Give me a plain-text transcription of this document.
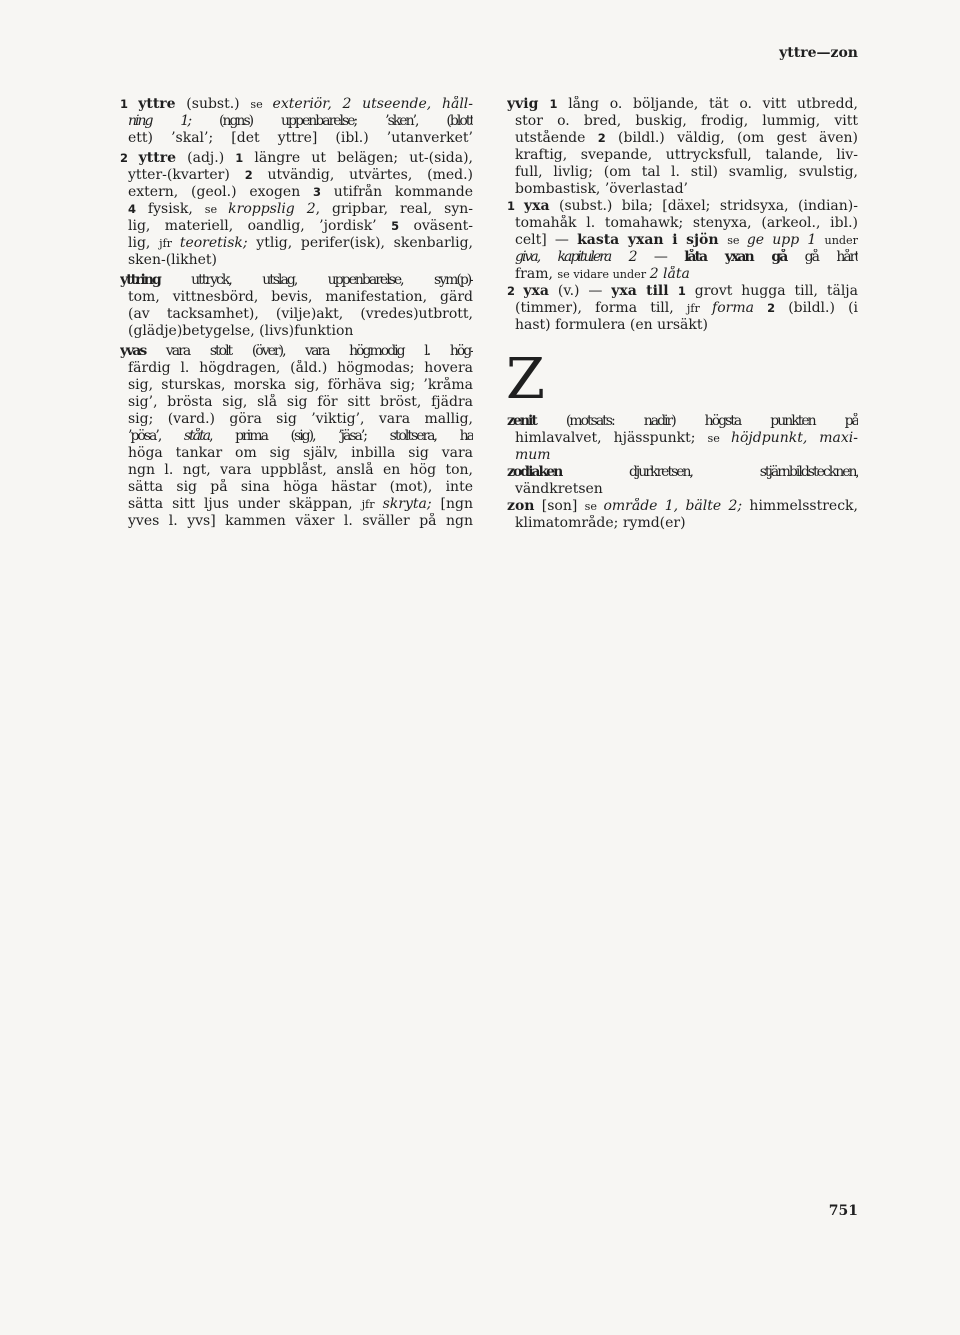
yttre—zon
1 yttre (subst.) se exteriör, 2 utseende, håll-
ning 1; (ngns) uppenbarelse; ’sken’, (blott
ett) ’skal’; [det yttre] (ibl.) ’utanverket’
2 yttre (adj.) 1 längre ut belägen; ut-(sida),
ytter-(kvarter) 2 utvändig, utvärtes, (med.)
extern, (geol.) exogen 3 utifrån kommande
4 fysisk, se kroppslig 2, gripbar, real, syn-
lig, materiell, oandlig, ’jordisk’ 5 oväsent-
lig, jfr teoretisk; ytlig, perifer(isk), skenbarlig,
sken-(likhet)
yttring uttryck, utslag, uppenbarelse, sym(p)-
tom, vittnesbörd, bevis, manifestation, gärd
(av tacksamhet), (vilje)akt, (vredes)utbrott,
(glädje)betygelse, (livs)funktion
yvas vara stolt (över), vara högmodig l. hög-
färdig l. högdragen, (åld.) högmodas; hovera
sig, sturskas, morska sig, förhäva sig; ’kråma
sig’, brösta sig, slå sig för sitt bröst, fjädra
sig; (vard.) göra sig ’viktig’, vara mallig,
’pösa’, ståta, prima (sig), ’jäsa’; stoltsera, ha
höga tankar om sig själv, inbilla sig vara
ngn l. ngt, vara uppblåst, anslå en hög ton,
sätta sig på sina höga hästar (mot), inte
sätta sitt ljus under skäppan, jfr skryta; [ngn
yves l. yvs] kammen växer l. sväller på ngn
yvig 1 lång o. böljande, tät o. vitt utbredd,
stor o. bred, buskig, frodig, lummig, vitt
utstående 2 (bildl.) väldig, (om gest även)
kraftig, svepande, uttrycksfull, talande, liv-
full, livlig; (om tal l. stil) svamlig, svulstig,
bombastisk, ’överlastad’
1 yxa (subst.) bila; [däxel; stridsyxa, (indian)-
tomahåk l. tomahawk; stenyxa, (arkeol., ibl.)
celt] — kasta yxan i sjön se ge upp 1 under
giva, kapitulera 2 — låta yxan gå gå hårt
fram, se vidare under 2 låta
2 yxa (v.) — yxa till 1 grovt hugga till, tälja
(timmer), forma till, jfr forma 2 (bildl.) (i
hast) formulera (en ursäkt)
Z
zenit (motsats: nadir) högsta punkten på
himlavalvet, hjässpunkt; se höjdpunkt, maxi-
mum
zodiaken djurkretsen, stjärnbildstecknen,
vändkretsen
zon [son] se område 1, bälte 2; himmelsstreck,
klimatområde; rymd(er)
751
